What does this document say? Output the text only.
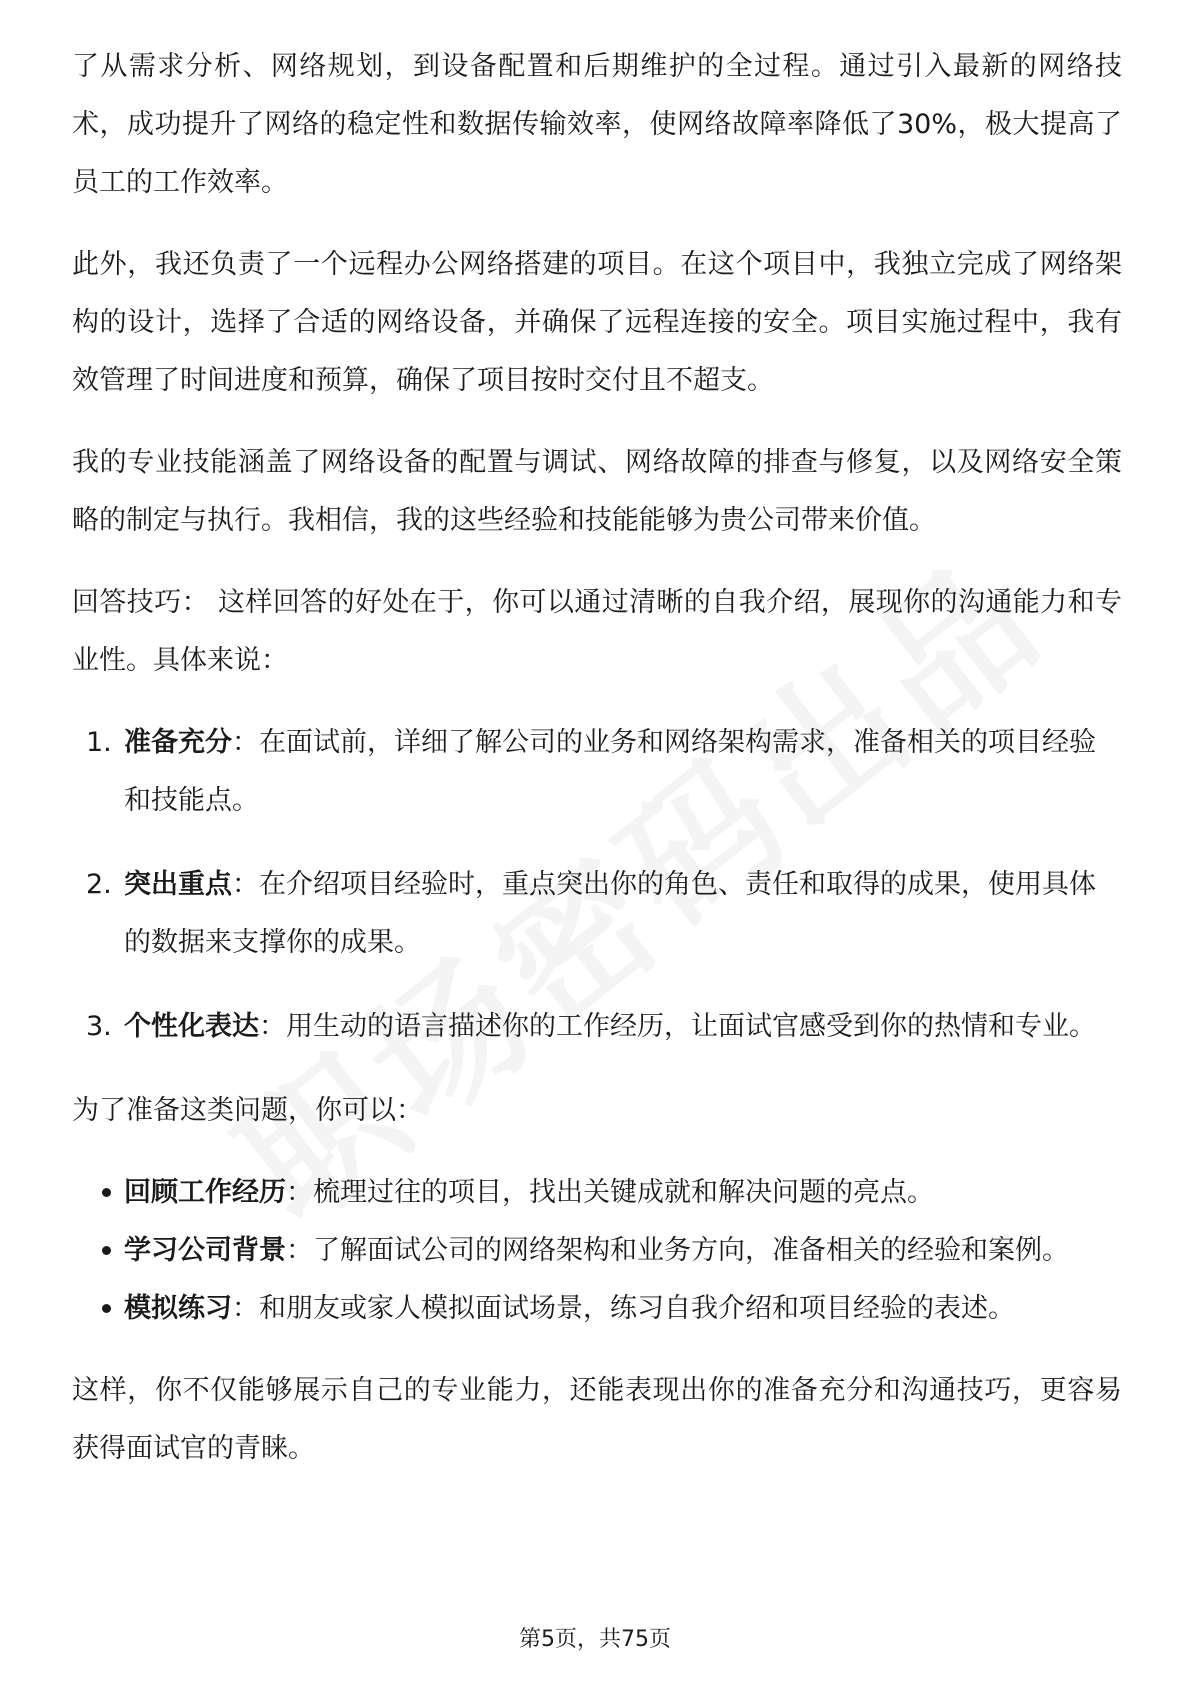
了从需求分析、网络规划，到设备配置和后期维护的全过程。通过引入最新的网络技术，成功提升了网络的稳定性和数据传输效率，使网络故障率降低了30%，极大提高了员工的工作效率。

此外，我还负责了一个远程办公网络搭建的项目。在这个项目中，我独立完成了网络架构的设计，选择了合适的网络设备，并确保了远程连接的安全。项目实施过程中，我有效管理了时间进度和预算，确保了项目按时交付且不超支。

我的专业技能涵盖了网络设备的配置与调试、网络故障的排查与修复，以及网络安全策略的制定与执行。我相信，我的这些经验和技能能够为贵公司带来价值。

回答技巧： 这样回答的好处在于，你可以通过清晰的自我介绍，展现你的沟通能力和专业性。具体来说：

1. 准备充分：在面试前，详细了解公司的业务和网络架构需求，准备相关的项目经验和技能点。
2. 突出重点：在介绍项目经验时，重点突出你的角色、责任和取得的成果，使用具体的数据来支撑你的成果。
3. 个性化表达：用生动的语言描述你的工作经历，让面试官感受到你的热情和专业。

为了准备这类问题，你可以：

回顾工作经历：梳理过往的项目，找出关键成就和解决问题的亮点。
学习公司背景：了解面试公司的网络架构和业务方向，准备相关的经验和案例。
模拟练习：和朋友或家人模拟面试场景，练习自我介绍和项目经验的表述。

这样，你不仅能够展示自己的专业能力，还能表现出你的准备充分和沟通技巧，更容易获得面试官的青睐。

第5页，共75页
